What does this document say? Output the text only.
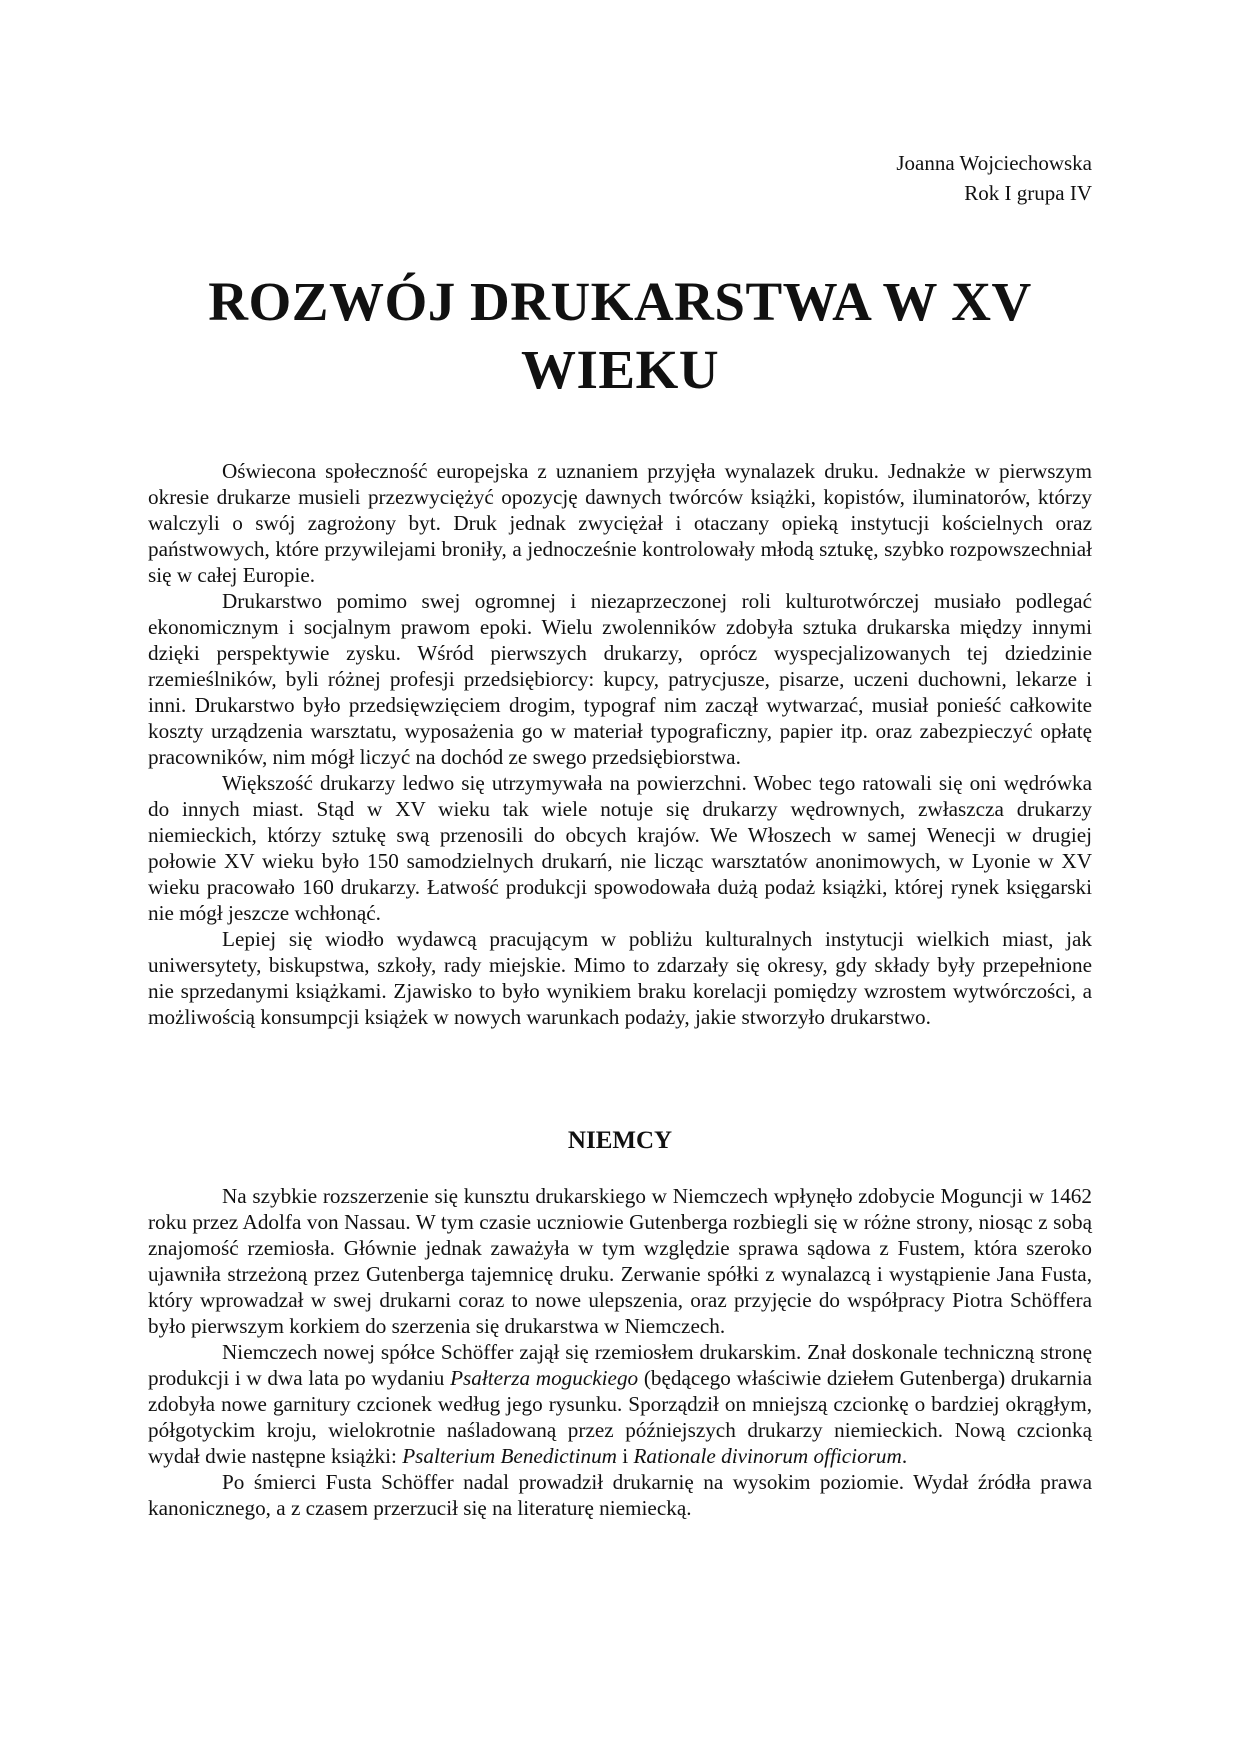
Joanna Wojciechowska
Rok I grupa IV
ROZWÓJ DRUKARSTWA W XV WIEKU

Oświecona społeczność europejska z uznaniem przyjęła wynalazek druku. Jednakże w pierwszym okresie drukarze musieli przezwyciężyć opozycję dawnych twórców książki, kopistów, iluminatorów, którzy walczyli o swój zagrożony byt. Druk jednak zwyciężał i otaczany opieką instytucji kościelnych oraz państwowych, które przywilejami broniły, a jednocześnie kontrolowały młodą sztukę, szybko rozpowszechniał się w całej Europie.

Drukarstwo pomimo swej ogromnej i niezaprzeczonej roli kulturotwórczej musiało podlegać ekonomicznym i socjalnym prawom epoki. Wielu zwolenników zdobyła sztuka drukarska między innymi dzięki perspektywie zysku. Wśród pierwszych drukarzy, oprócz wyspecjalizowanych tej dziedzinie rzemieślników, byli różnej profesji przedsiębiorcy: kupcy, patrycjusze, pisarze, uczeni duchowni, lekarze i inni. Drukarstwo było przedsięwzięciem drogim, typograf nim zaczął wytwarzać, musiał ponieść całkowite koszty urządzenia warsztatu, wyposażenia go w materiał typograficzny, papier itp. oraz zabezpieczyć opłatę pracowników, nim mógł liczyć na dochód ze swego przedsiębiorstwa.

Większość drukarzy ledwo się utrzymywała na powierzchni. Wobec tego ratowali się oni wędrówka do innych miast. Stąd w XV wieku tak wiele notuje się drukarzy wędrownych, zwłaszcza drukarzy niemieckich, którzy sztukę swą przenosili do obcych krajów. We Włoszech w samej Wenecji w drugiej połowie XV wieku było 150 samodzielnych drukarń, nie licząc warsztatów anonimowych, w Lyonie w XV wieku pracowało 160 drukarzy. Łatwość produkcji spowodowała dużą podaż książki, której rynek księgarski nie mógł jeszcze wchłonąć.

Lepiej się wiodło wydawcą pracującym w pobliżu kulturalnych instytucji wielkich miast, jak uniwersytety, biskupstwa, szkoły, rady miejskie. Mimo to zdarzały się okresy, gdy składy były przepełnione nie sprzedanymi książkami. Zjawisko to było wynikiem braku korelacji pomiędzy wzrostem wytwórczości, a możliwością konsumpcji książek w nowych warunkach podaży, jakie stworzyło drukarstwo.

NIEMCY

Na szybkie rozszerzenie się kunsztu drukarskiego w Niemczech wpłynęło zdobycie Moguncji w 1462 roku przez Adolfa von Nassau. W tym czasie uczniowie Gutenberga rozbiegli się w różne strony, niosąc z sobą znajomość rzemiosła. Głównie jednak zaważyła w tym względzie sprawa sądowa z Fustem, która szeroko ujawniła strzeżoną przez Gutenberga tajemnicę druku. Zerwanie spółki z wynalazcą i wystąpienie Jana Fusta, który wprowadzał w swej drukarni coraz to nowe ulepszenia, oraz przyjęcie do współpracy Piotra Schöffera było pierwszym korkiem do szerzenia się drukarstwa w Niemczech.

Niemczech nowej spółce Schöffer zajął się rzemiosłem drukarskim. Znał doskonale techniczną stronę produkcji i w dwa lata po wydaniu Psałterza moguckiego (będącego właściwie dziełem Gutenberga) drukarnia zdobyła nowe garnitury czcionek według jego rysunku. Sporządził on mniejszą czcionkę o bardziej okrągłym, półgotyckim kroju, wielokrotnie naśladowaną przez późniejszych drukarzy niemieckich. Nową czcionką wydał dwie następne książki: Psalterium Benedictinum i Rationale divinorum officiorum.

Po śmierci Fusta Schöffer nadal prowadził drukarnię na wysokim poziomie. Wydał źródła prawa kanonicznego, a z czasem przerzucił się na literaturę niemiecką.
